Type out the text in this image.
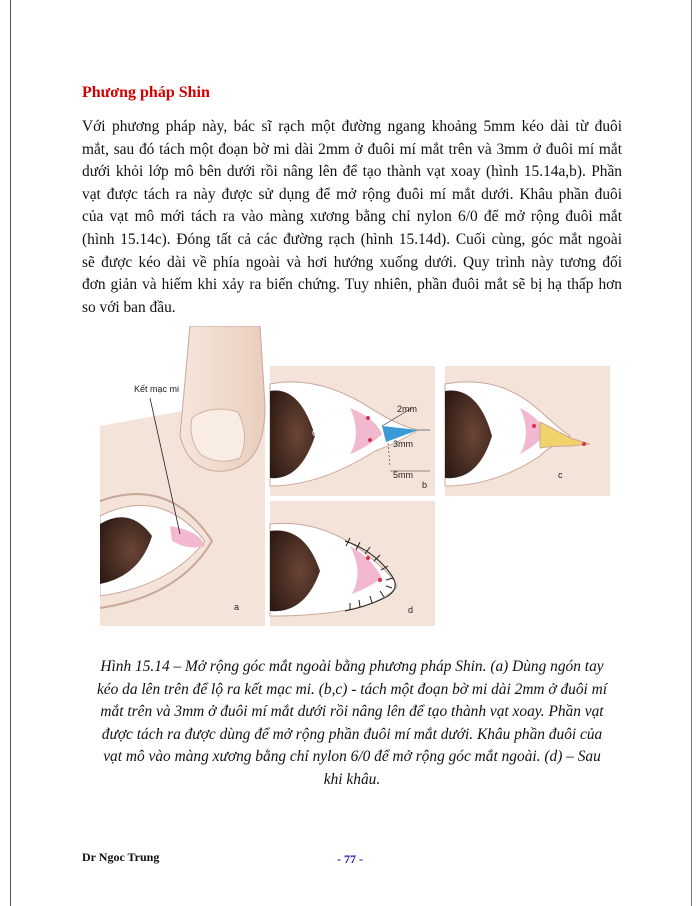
Phương pháp Shin
Với phương pháp này, bác sĩ rạch một đường ngang khoảng 5mm kéo dài từ đuôi
mắt, sau đó tách một đoạn bờ mi dài 2mm ở đuôi mí mắt trên và 3mm ở đuôi mí mắt
dưới khỏi lớp mô bên dưới rồi nâng lên để tạo thành vạt xoay (hình 15.14a,b). Phần
vạt được tách ra này được sử dụng để mở rộng đuôi mí mắt dưới. Khâu phần đuôi
của vạt mô mới tách ra vào màng xương bằng chỉ nylon 6/0 để mở rộng đuôi mắt
(hình 15.14c). Đóng tất cả các đường rạch (hình 15.14d). Cuối cùng, góc mắt ngoài
sẽ được kéo dài về phía ngoài và hơi hướng xuống dưới. Quy trình này tương đối
đơn giản và hiếm khi xảy ra biến chứng. Tuy nhiên, phần đuôi mắt sẽ bị hạ thấp hơn
so với ban đầu.
Kết mạc mi
a
2mm
3mm
5mm
Giác mạc
b
c
d
Hình 15.14 – Mở rộng góc mắt ngoài bằng phương pháp Shin. (a) Dùng ngón tay
kéo da lên trên để lộ ra kết mạc mi. (b,c) - tách một đoạn bờ mi dài 2mm ở đuôi mí
mắt trên và 3mm ở đuôi mí mắt dưới rồi nâng lên để tạo thành vạt xoay. Phần vạt
được tách ra được dùng để mở rộng phần đuôi mí mắt dưới. Khâu phần đuôi của
vạt mô vào màng xương bằng chỉ nylon 6/0 để mở rộng góc mắt ngoài. (d) – Sau
khi khâu.
Dr Ngoc Trung	- 77 -
